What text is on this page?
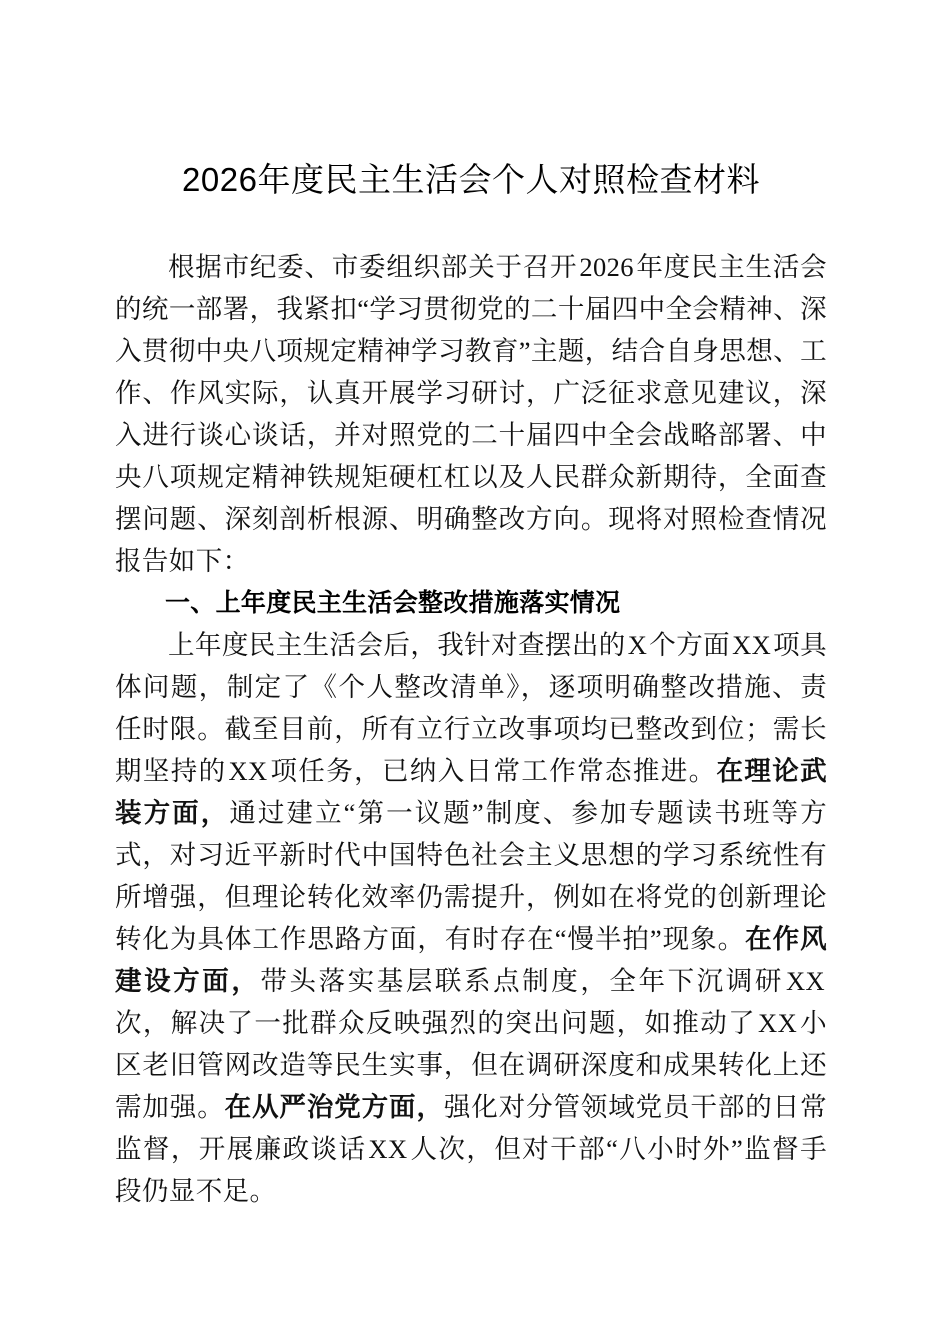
2026年度民主生活会个人对照检查材料

根据市纪委、市委组织部关于召开2026年度民主生活会的统一部署，我紧扣“学习贯彻党的二十届四中全会精神、深入贯彻中央八项规定精神学习教育”主题，结合自身思想、工作、作风实际，认真开展学习研讨，广泛征求意见建议，深入进行谈心谈话，并对照党的二十届四中全会战略部署、中央八项规定精神铁规矩硬杠杠以及人民群众新期待，全面查摆问题、深刻剖析根源、明确整改方向。现将对照检查情况报告如下：

一、上年度民主生活会整改措施落实情况

上年度民主生活会后，我针对查摆出的X个方面XX项具体问题，制定了《个人整改清单》，逐项明确整改措施、责任时限。截至目前，所有立行立改事项均已整改到位；需长期坚持的XX项任务，已纳入日常工作常态推进。在理论武装方面，通过建立“第一议题”制度、参加专题读书班等方式，对习近平新时代中国特色社会主义思想的学习系统性有所增强，但理论转化效率仍需提升，例如在将党的创新理论转化为具体工作思路方面，有时存在“慢半拍”现象。在作风建设方面，带头落实基层联系点制度，全年下沉调研XX次，解决了一批群众反映强烈的突出问题，如推动了XX小区老旧管网改造等民生实事，但在调研深度和成果转化上还需加强。在从严治党方面，强化对分管领域党员干部的日常监督，开展廉政谈话XX人次，但对干部“八小时外”监督手段仍显不足。
